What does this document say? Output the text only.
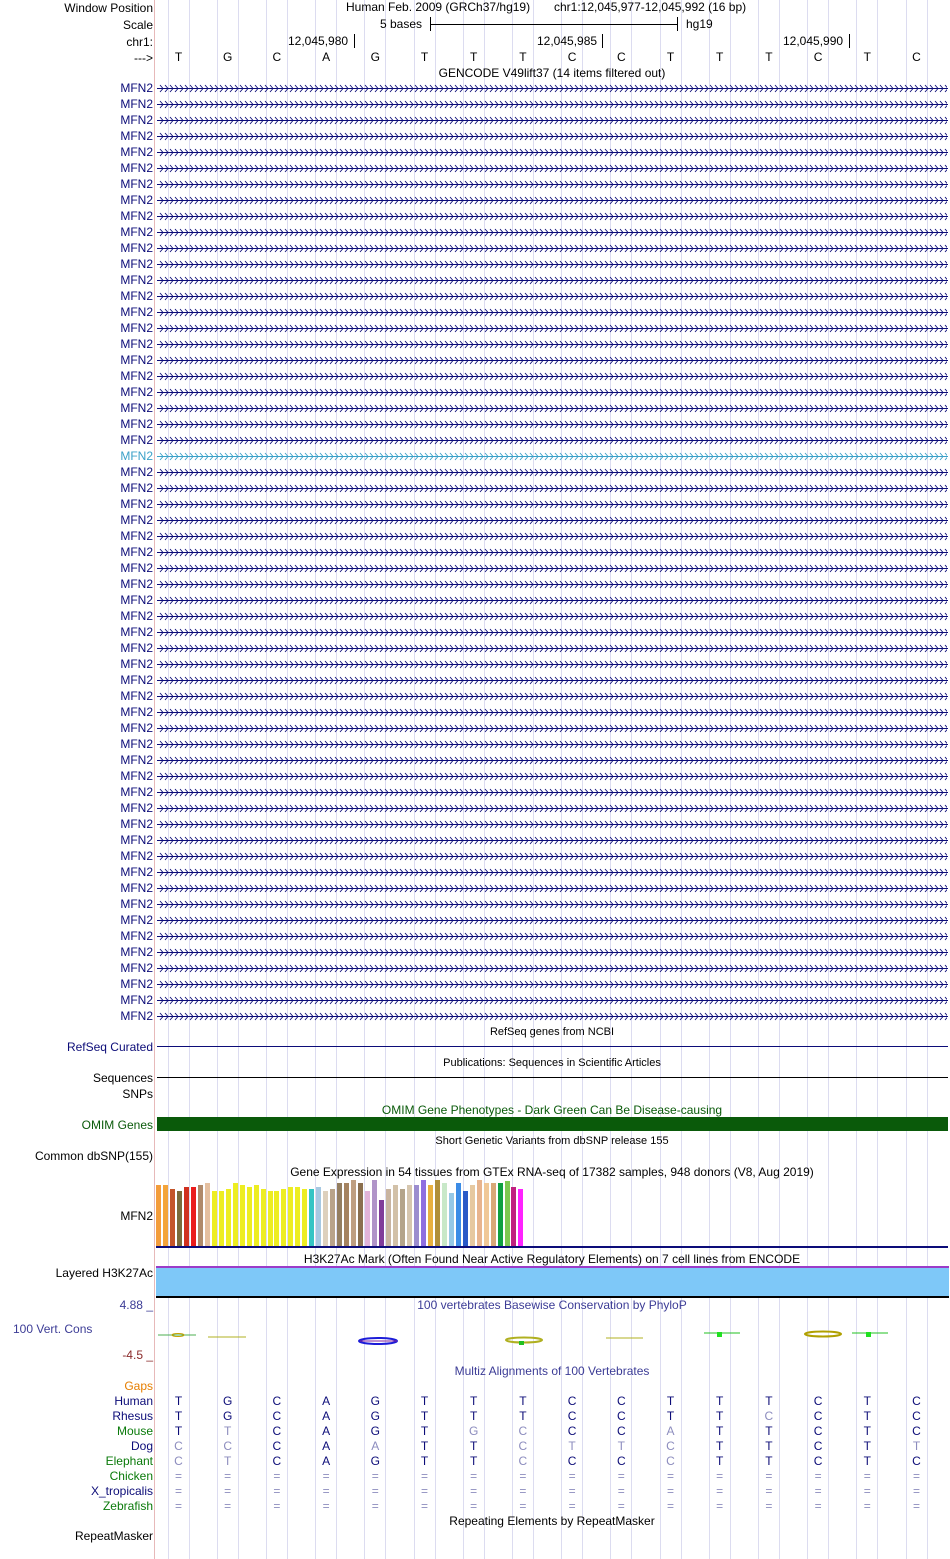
Window Position	Human Feb. 2009 (GRCh37/hg19) chr1:12,045,977-12,045,992 (16 bp)
Scale	5 bases	hg19
chr1:	12,045,980	12,045,985	12,045,990
--->	T	G	C	A	G	T	T	T	C	C	T	T	T	C	T	C
GENCODE V49lift37 (14 items filtered out)
MFN2
MFN2
MFN2
MFN2
MFN2
MFN2
MFN2
MFN2
MFN2
MFN2
MFN2
MFN2
MFN2
MFN2
MFN2
MFN2
MFN2
MFN2
MFN2
MFN2
MFN2
MFN2
MFN2
MFN2
MFN2
MFN2
MFN2
MFN2
MFN2
MFN2
MFN2
MFN2
MFN2
MFN2
MFN2
MFN2
MFN2
MFN2
MFN2
MFN2
MFN2
MFN2
MFN2
MFN2
MFN2
MFN2
MFN2
MFN2
MFN2
MFN2
MFN2
MFN2
MFN2
MFN2
MFN2
MFN2
MFN2
MFN2
MFN2
RefSeq genes from NCBI
RefSeq Curated
Publications: Sequences in Scientific Articles
Sequences
SNPs
OMIM Gene Phenotypes - Dark Green Can Be Disease-causing
OMIM Genes
Short Genetic Variants from dbSNP release 155
Common dbSNP(155)
Gene Expression in 54 tissues from GTEx RNA-seq of 17382 samples, 948 donors (V8, Aug 2019)
MFN2
H3K27Ac Mark (Often Found Near Active Regulatory Elements) on 7 cell lines from ENCODE
Layered H3K27Ac
4.88 _	100 vertebrates Basewise Conservation by PhyloP
100 Vert. Cons
-4.5 _
Multiz Alignments of 100 Vertebrates
Gaps
Human	T	G	C	A	G	T	T	T	C	C	T	T	T	C	T	C
Rhesus	T	G	C	A	G	T	T	T	C	C	T	T	C	C	T	C
Mouse	T	T	C	A	G	T	G	C	C	C	A	T	T	C	T	C
Dog	C	C	C	A	A	T	T	C	T	T	C	T	T	C	T	T
Elephant	C	T	C	A	G	T	T	C	C	C	C	T	T	C	T	C
Chicken	=	=	=	=	=	=	=	=	=	=	=	=	=	=	=	=
X_tropicalis	=	=	=	=	=	=	=	=	=	=	=	=	=	=	=	=
Zebrafish	=	=	=	=	=	=	=	=	=	=	=	=	=	=	=	=
Repeating Elements by RepeatMasker
RepeatMasker
